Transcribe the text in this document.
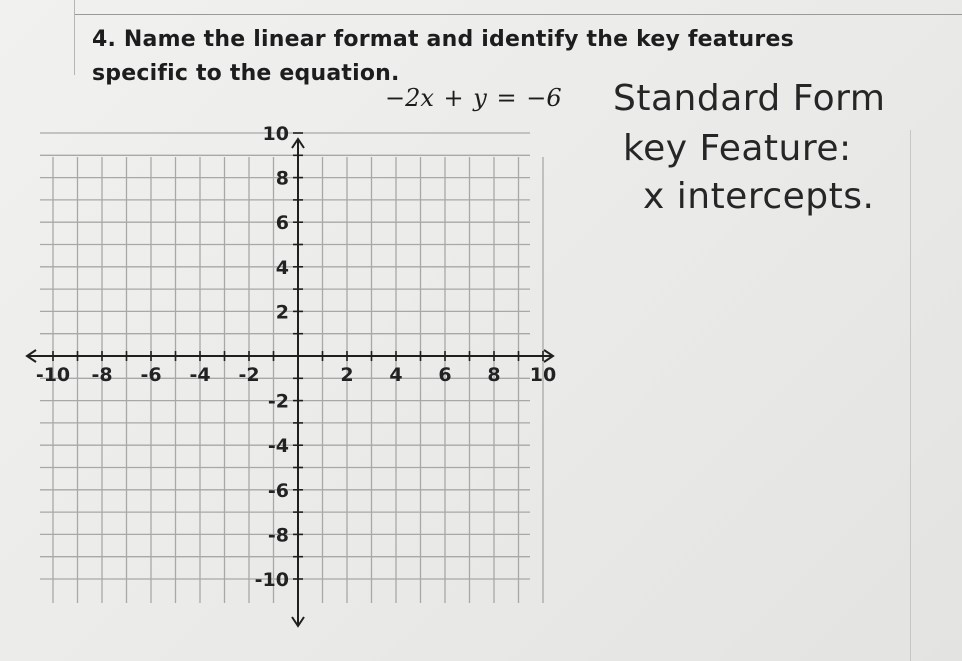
4. Name the linear format and identify the key features specific to the equation.
−2x + y = −6 Standard Form
key Feature:
x intercepts.
-10 -8 -6 -4 -2	2 4 6 8 10
10
8
6
4
2
-2
-4
-6
-8
-10
